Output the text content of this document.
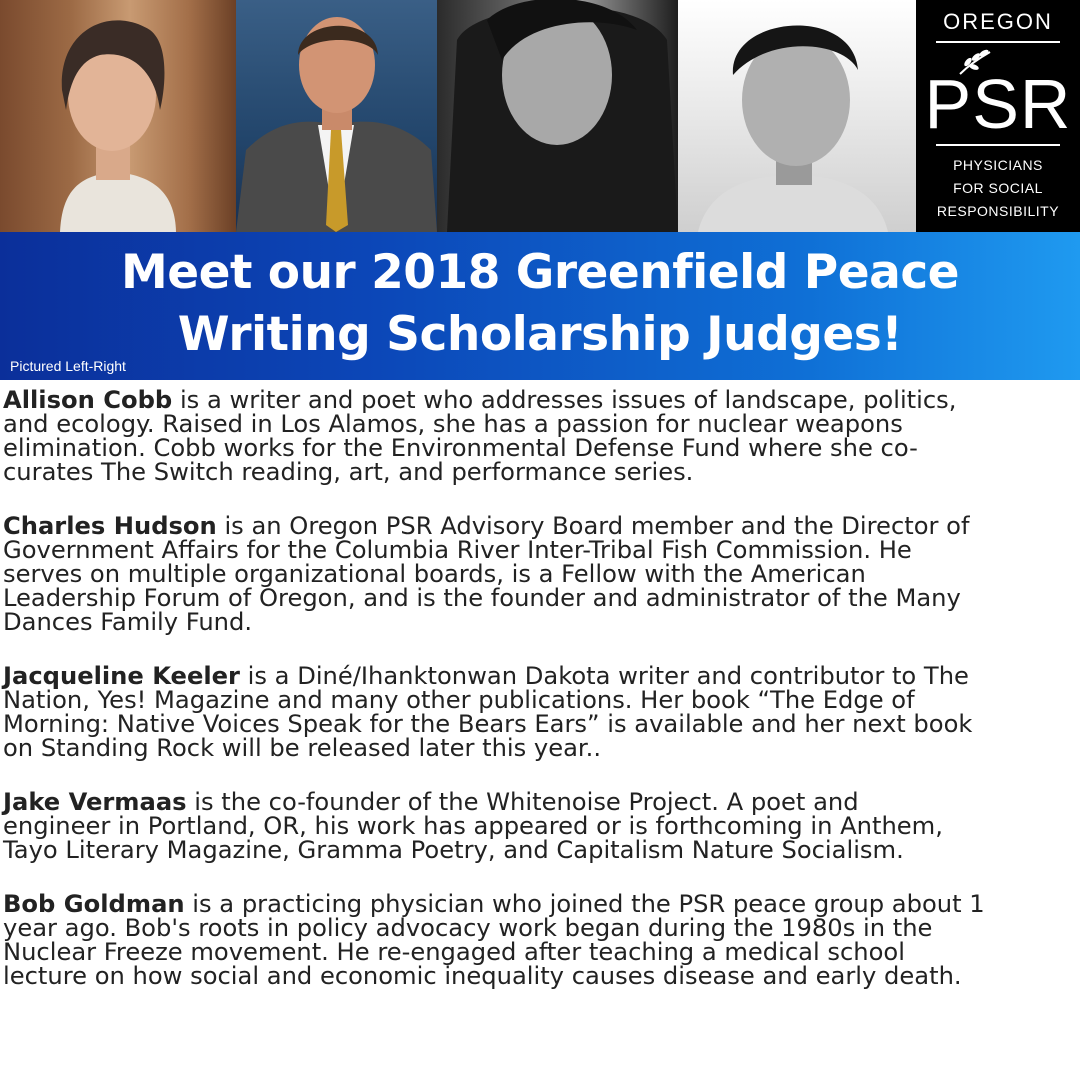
OREGON
PSR
PHYSICIANS
FOR SOCIAL
RESPONSIBILITY
Meet our 2018 Greenfield Peace
Writing Scholarship Judges!
Pictured Left-Right

Allison Cobb is a writer and poet who addresses issues of landscape, politics,
and ecology. Raised in Los Alamos, she has a passion for nuclear weapons
elimination. Cobb works for the Environmental Defense Fund where she co-
curates The Switch reading, art, and performance series.

Charles Hudson is an Oregon PSR Advisory Board member and the Director of
Government Affairs for the Columbia River Inter-Tribal Fish Commission. He
serves on multiple organizational boards, is a Fellow with the American
Leadership Forum of Oregon, and is the founder and administrator of the Many
Dances Family Fund.

Jacqueline Keeler is a Diné/Ihanktonwan Dakota writer and contributor to The
Nation, Yes! Magazine and many other publications. Her book “The Edge of
Morning: Native Voices Speak for the Bears Ears” is available and her next book
on Standing Rock will be released later this year..

Jake Vermaas is the co-founder of the Whitenoise Project. A poet and
engineer in Portland, OR, his work has appeared or is forthcoming in Anthem,
Tayo Literary Magazine, Gramma Poetry, and Capitalism Nature Socialism.

Bob Goldman is a practicing physician who joined the PSR peace group about 1
year ago. Bob's roots in policy advocacy work began during the 1980s in the
Nuclear Freeze movement. He re-engaged after teaching a medical school
lecture on how social and economic inequality causes disease and early death.
